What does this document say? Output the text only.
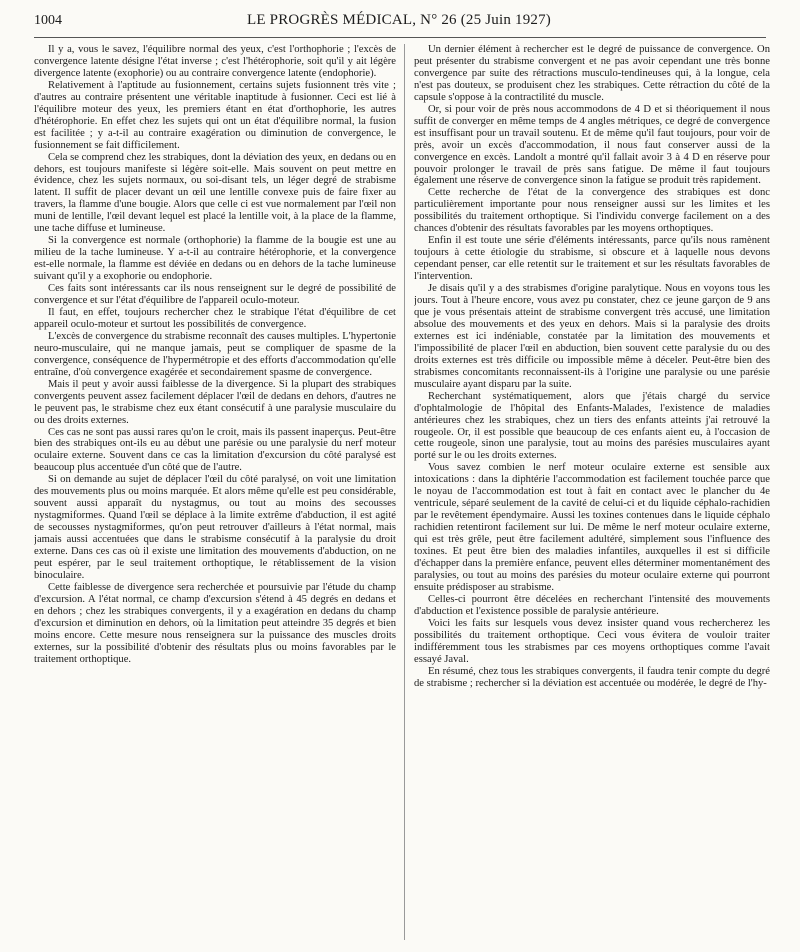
1004	LE PROGRÈS MÉDICAL, N° 26 (25 Juin 1927)

Il y a, vous le savez, l'équilibre normal des yeux, c'est l'orthophorie ; l'excès de convergence latente désigne l'état inverse ; c'est l'hétérophorie, soit qu'il y ait légère divergence latente (exophorie) ou au contraire convergence latente (endophorie).

Relativement à l'aptitude au fusionnement, certains sujets fusionnent très vite ; d'autres au contraire présentent une véritable inaptitude à fusionner. Ceci est lié à l'équilibre moteur des yeux, les premiers étant en état d'orthophorie, les autres d'hétérophorie. En effet chez les sujets qui ont un état d'équilibre normal, la fusion est facilitée ; y a-t-il au contraire exagération ou diminution de convergence, le fusionnement se fait difficilement.

Cela se comprend chez les strabiques, dont la déviation des yeux, en dedans ou en dehors, est toujours manifeste si légère soit-elle. Mais souvent on peut mettre en évidence, chez les sujets normaux, ou soi-disant tels, un léger degré de strabisme latent. Il suffit de placer devant un œil une lentille convexe puis de faire fixer au travers, la flamme d'une bougie. Alors que celle ci est vue normalement par l'œil non muni de lentille, l'œil devant lequel est placé la lentille voit, à la place de la flamme, une tache diffuse et lumineuse.

Si la convergence est normale (orthophorie) la flamme de la bougie est une au milieu de la tache lumineuse. Y a-t-il au contraire hétérophorie, et la convergence est-elle normale, la flamme est déviée en dedans ou en dehors de la tache lumineuse suivant qu'il y a exophorie ou endophorie.

Ces faits sont intéressants car ils nous renseignent sur le degré de possibilité de convergence et sur l'état d'équilibre de l'appareil oculo-moteur.

Il faut, en effet, toujours rechercher chez le strabique l'état d'équilibre de cet appareil oculo-moteur et surtout les possibilités de convergence.

L'excès de convergence du strabisme reconnaît des causes multiples. L'hypertonie neuro-musculaire, qui ne manque jamais, peut se compliquer de spasme de la convergence, conséquence de l'hypermétropie et des efforts d'accommodation qu'elle entraîne, d'où convergence exagérée et secondairement spasme de convergence.

Mais il peut y avoir aussi faiblesse de la divergence. Si la plupart des strabiques convergents peuvent assez facilement déplacer l'œil de dedans en dehors, d'autres ne le peuvent pas, le strabisme chez eux étant consécutif à une paralysie musculaire du ou des droits externes.

Ces cas ne sont pas aussi rares qu'on le croit, mais ils passent inaperçus. Peut-être bien des strabiques ont-ils eu au début une parésie ou une paralysie du nerf moteur oculaire externe. Souvent dans ce cas la limitation d'excursion du côté paralysé est beaucoup plus accentuée d'un côté que de l'autre.

Si on demande au sujet de déplacer l'œil du côté paralysé, on voit une limitation des mouvements plus ou moins marquée. Et alors même qu'elle est peu considérable, souvent aussi apparaît du nystagmus, ou tout au moins des secousses nystagmiformes. Quand l'œil se déplace à la limite extrême d'abduction, il est agité de secousses nystagmiformes, qu'on peut retrouver d'ailleurs à l'état normal, mais jamais aussi accentuées que dans le strabisme consécutif à la paralysie du droit externe. Dans ces cas où il existe une limitation des mouvements d'abduction, on ne peut espérer, par le seul traitement orthoptique, le rétablissement de la vision binoculaire.

Cette faiblesse de divergence sera recherchée et poursuivie par l'étude du champ d'excursion. A l'état normal, ce champ d'excursion s'étend à 45 degrés en dedans et en dehors ; chez les strabiques convergents, il y a exagération en dedans du champ d'excursion et diminution en dehors, où la limitation peut atteindre 35 degrés et bien moins encore. Cette mesure nous renseignera sur la puissance des muscles droits externes, sur la possibilité d'obtenir des résultats plus ou moins favorables par le traitement orthoptique.

Un dernier élément à rechercher est le degré de puissance de convergence. On peut présenter du strabisme convergent et ne pas avoir cependant une très bonne convergence par suite des rétractions musculo-tendineuses qui, à la longue, cela n'est pas douteux, se produisent chez les strabiques. Cette rétraction du côté de la capsule s'oppose à la contractilité du muscle.

Or, si pour voir de près nous accommodons de 4 D et si théoriquement il nous suffit de converger en même temps de 4 angles métriques, ce degré de convergence est insuffisant pour un travail soutenu. Et de même qu'il faut toujours, pour voir de près, avoir un excès d'accommodation, il nous faut conserver aussi de la convergence en excès. Landolt a montré qu'il fallait avoir 3 à 4 D en réserve pour pouvoir prolonger le travail de près sans fatigue. De même il faut toujours également une réserve de convergence sinon la fatigue se produit très rapidement.

Cette recherche de l'état de la convergence des strabiques est donc particulièrement importante pour nous renseigner aussi sur les limites et les possibilités du traitement orthoptique. Si l'individu converge facilement on a des chances d'obtenir des résultats favorables par les moyens orthoptiques.

Enfin il est toute une série d'éléments intéressants, parce qu'ils nous ramènent toujours à cette étiologie du strabisme, si obscure et à laquelle nous devons cependant penser, car elle retentit sur le traitement et sur les résultats favorables de l'intervention.

Je disais qu'il y a des strabismes d'origine paralytique. Nous en voyons tous les jours. Tout à l'heure encore, vous avez pu constater, chez ce jeune garçon de 9 ans que je vous présentais atteint de strabisme convergent très accusé, une limitation absolue des mouvements et des yeux en dehors. Mais si la paralysie des droits externes est ici indéniable, constatée par la limitation des mouvements et l'impossibilité de placer l'œil en abduction, bien souvent cette paralysie du ou des droits externes est très difficile ou impossible même à déceler. Peut-être bien des strabismes concomitants reconnaissent-ils à l'origine une paralysie ou une parésie musculaire ayant disparu par la suite.

Recherchant systématiquement, alors que j'étais chargé du service d'ophtalmologie de l'hôpital des Enfants-Malades, l'existence de maladies antérieures chez les strabiques, chez un tiers des enfants atteints j'ai retrouvé la rougeole. Or, il est possible que beaucoup de ces enfants aient eu, à l'occasion de cette rougeole, sinon une paralysie, tout au moins des parésies musculaires ayant porté sur le ou les droits externes.

Vous savez combien le nerf moteur oculaire externe est sensible aux intoxications : dans la diphtérie l'accommodation est facilement touchée parce que le noyau de l'accommodation est tout à fait en contact avec le plancher du 4e ventricule, séparé seulement de la cavité de celui-ci et du liquide céphalo-rachidien par le revêtement épendymaire. Aussi les toxines contenues dans le liquide céphalo rachidien retentiront facilement sur lui. De même le nerf moteur oculaire externe, qui est très grêle, peut être facilement adultéré, simplement sous l'influence des toxines. Et peut être bien des maladies infantiles, auxquelles il est si difficile d'échapper dans la première enfance, peuvent elles déterminer momentanément des paralysies, ou tout au moins des parésies du moteur oculaire externe qui pourront ensuite prédisposer au strabisme.

Celles-ci pourront être décelées en recherchant l'intensité des mouvements d'abduction et l'existence possible de paralysie antérieure.

Voici les faits sur lesquels vous devez insister quand vous rechercherez les possibilités du traitement orthoptique. Ceci vous évitera de vouloir traiter indifféremment tous les strabismes par ces moyens orthoptiques comme l'avait essayé Javal.

En résumé, chez tous les strabiques convergents, il faudra tenir compte du degré de strabisme ; rechercher si la déviation est accentuée ou modérée, le degré de l'hy-
